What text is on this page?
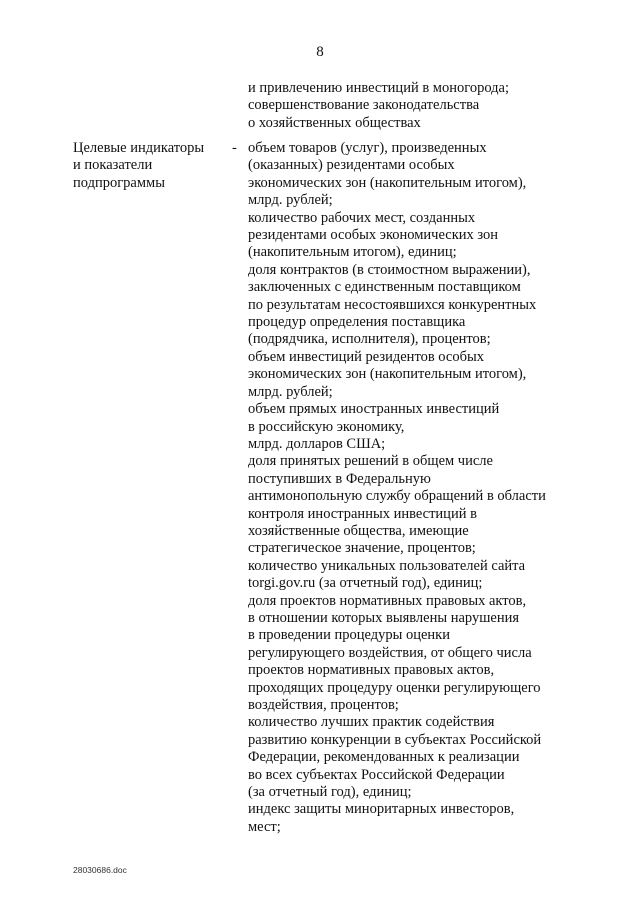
8
и привлечению инвестиций в моногорода;
совершенствование законодательства
о хозяйственных обществах
Целевые индикаторы
и показатели
подпрограммы
- объем товаров (услуг), произведенных
(оказанных) резидентами особых
экономических зон (накопительным итогом),
млрд. рублей;
количество рабочих мест, созданных
резидентами особых экономических зон
(накопительным итогом), единиц;
доля контрактов (в стоимостном выражении),
заключенных с единственным поставщиком
по результатам несостоявшихся конкурентных
процедур определения поставщика
(подрядчика, исполнителя), процентов;
объем инвестиций резидентов особых
экономических зон (накопительным итогом),
млрд. рублей;
объем прямых иностранных инвестиций
в российскую экономику,
млрд. долларов США;
доля принятых решений в общем числе
поступивших в Федеральную
антимонопольную службу обращений в области
контроля иностранных инвестиций в
хозяйственные общества, имеющие
стратегическое значение, процентов;
количество уникальных пользователей сайта
torgi.gov.ru (за отчетный год), единиц;
доля проектов нормативных правовых актов,
в отношении которых выявлены нарушения
в проведении процедуры оценки
регулирующего воздействия, от общего числа
проектов нормативных правовых актов,
проходящих процедуру оценки регулирующего
воздействия, процентов;
количество лучших практик содействия
развитию конкуренции в субъектах Российской
Федерации, рекомендованных к реализации
во всех субъектах Российской Федерации
(за отчетный год), единиц;
индекс защиты миноритарных инвесторов,
мест;
28030686.doc
